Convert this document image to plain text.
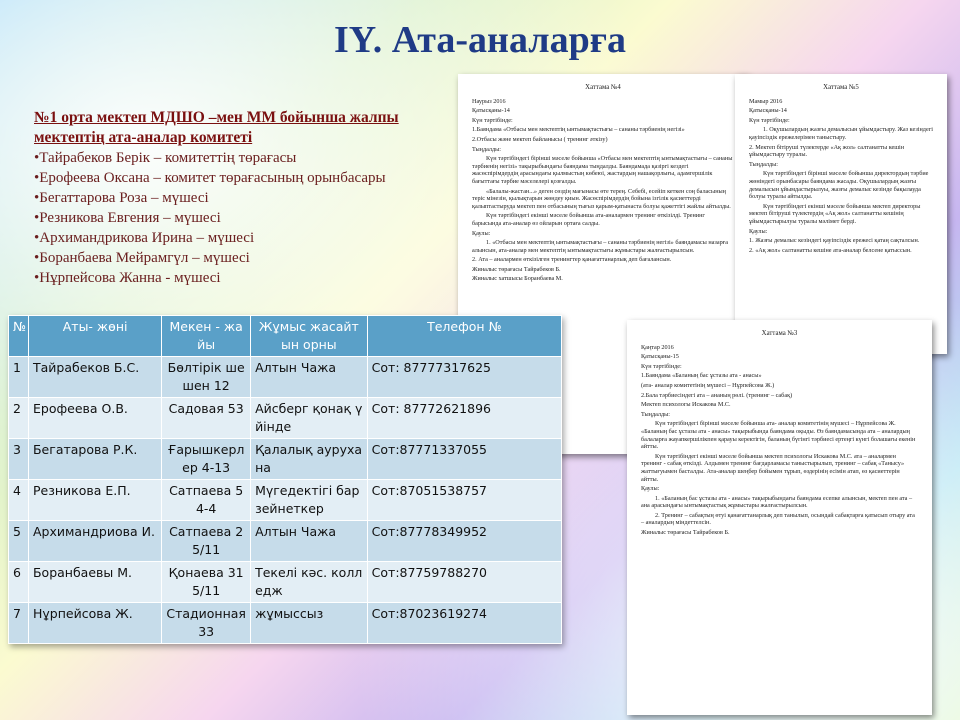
IY. Ата-аналарға
№1 орта мектеп МДШО –мен ММ бойынша жалпы мектептің ата-аналар комитеті
•Тайрабеков Берік – комитеттің төрағасы
•Ерофеева Оксана – комитет төрағасының орынбасары
•Бегаттарова Роза – мүшесі
•Резникова Евгения – мүшесі
•Архимандрикова Ирина – мүшесі
•Боранбаева Мейрамгүл – мүшесі
•Нұрпейсова Жанна - мүшесі
Хаттама №4

Наурыз 2016

Қатысқаны-14

Күн тәртібінде:

1.Баяндама «Отбасы мен мектептің ынтымақтастығы – сананы тәрбиенің негізі»

2.Отбасы және мектеп байланысы ( тренинг әткізу)

Тыңдалды:

Күн тәртібіндегі бірінші мәселе бойынша «Отбасы мен мектептің ынтымақтастығы – сананы тәрбиенің негізі» тақырыбындағы баяндама тыңдалды. Баяндамада қазіргі кездегі жасөспірімдердің арасындағы қылмыстың көбеюі, жастардың нашақорлығы, адамгершілік бағыттағы тәрбие мәселелері қозғалды.

«Балалы-жастан...» деген сөздің мағынасы өте терең. Себебі, есейіп кеткен соң баласының теріс мінезін, қылықтарын жөндеу қиын. Жасөспірімдердің бойына ізгілік қасиеттерді қалыптастыруда мектеп пен отбасының тығыз қарым-қатынаста болуы қажеттігі жайлы айтылды.

Күн тәртібіндегі екінші мәселе бойынша ата-аналармен тренинг өткізілді. Тренинг барысында ата-аналар өз ойларын ортаға салды.

Қаулы:

1. «Отбасы мен мектептің ынтымақтастығы – сананы тәрбиенің негізі» баяндамасы назарға алынсын, ата-аналар мен мектептің ынтымақтастығы жұмыстары жалғастырылсын.

2. Ата – аналармен өткізілген тренингтер қанағаттанарлық деп бағалансын.

Жиналыс төрағасы Тайрабеков Б.

Жиналыс хатшысы Боранбаева М.

Хаттама №5

Мамыр 2016

Қатысқаны-14

Күн тәртібінде:

1. Оқушылардың жазғы демалысын ұйымдастыру. Жаз кезіндегі қауіпсіздік ережелерімен таныстыру.

2. Мектеп бітіруші түлектерде «Ақ жол» салтанатты кешін ұйымдастыру туралы.

Тыңдалды:

Күн тәртібіндегі бірінші мәселе бойынша директордың тәрбие жөніндегі орынбасары баяндама жасады. Оқушылардың жазғы демалысын ұйымдастырылуы, жазғы демалыс кезінде бақылауда болуы туралы айтылды.

Күн тәртібіндегі екінші мәселе бойынша мектеп директоры мектеп бітіруші түлектердің «Ақ жол» салтанатты кешінің ұйымдастырылуы туралы мәлімет берді.

Қаулы:

1. Жазғы демалыс кезіндегі қауіпсіздік ережесі қатаң сақталсын.

2. «Ақ жол» салтанатты кешіне ата-аналар белсене қатыссын.

Хаттама №3

Қаңтар 2016

Қатысқаны-15

Күн тәртібінде:

1.Баяндама «Баланың бас ұстазы ата - анасы»

(ата- аналар комитетінің мүшесі – Нұрпейсова Ж.)

2.Бала тәрбиесіндегі ата – ананың рөлі. (тренинг – сабақ)

Мектеп психологы Искакова М.С.

Тыңдалды:

Күн тәртібіндегі бірінші мәселе бойынша ата- аналар комитетінің мүшесі – Нұрпейсова Ж. «Баланың бас ұстазы ата - анасы» тақырыбында баяндама оқыды. Өз баяндамасында ата – аналардың балаларға жауапкершілікпен қарауы керектігін, баланың бүгінгі тәрбиесі ертеңгі күнгі болашағы екенін айтты.

Күн тәртібіндегі екінші мәселе бойынша мектеп психологы Искакова М.С. ата – аналармен тренинг - сабақ өткізді. Алдымен тренинг бағдарламасы таныстырылып, тренинг – сабақ «Танысу» жаттығуымен басталды. Ата-аналар шеңбер бойымен тұрып, өздерінің есімін атап, өз қасиеттерін айтты.

Қаулы:

1. «Баланың бас ұстазы ата - анасы» тақырыбындағы баяндама есепке алынсын, мектеп пен ата – ана арасындағы ынтымақтастық жұмыстары жалғастырылсын.

2. Тренинг – сабақтың өтуі қанағаттанарлық деп танылып, осындай сабақтарға қатысып отыру ата – аналардың міндеттелсін.

Жиналыс төрағасы Тайрабеков Б.

№	Аты- жөні	Мекен - жайы	Жұмыс жасайтын орны	Телефон №
1	Тайрабеков Б.С.	Бөлтірік шешен 12	Алтын Чажа	Сот: 87777317625
2	Ерофеева О.В.	Садовая 53	Айсберг қонақ үйінде	Сот: 87772621896
3	Бегатарова Р.К.	Ғарышкерлер 4-13	Қалалық аурухана	Сот:87771337055
4	Резникова Е.П.	Сатпаева 54-4	Мүгедектігі бар зейнеткер	Сот:87051538757
5	Архимандриова И.	Сатпаева 25/11	Алтын Чажа	Сот:87778349952
6	Боранбаевы М.	Қонаева 315/11	Текелі кәс. колледж	Сот:87759788270
7	Нұрпейсова Ж.	Стадионная 33	жұмыссыз	Сот:87023619274
